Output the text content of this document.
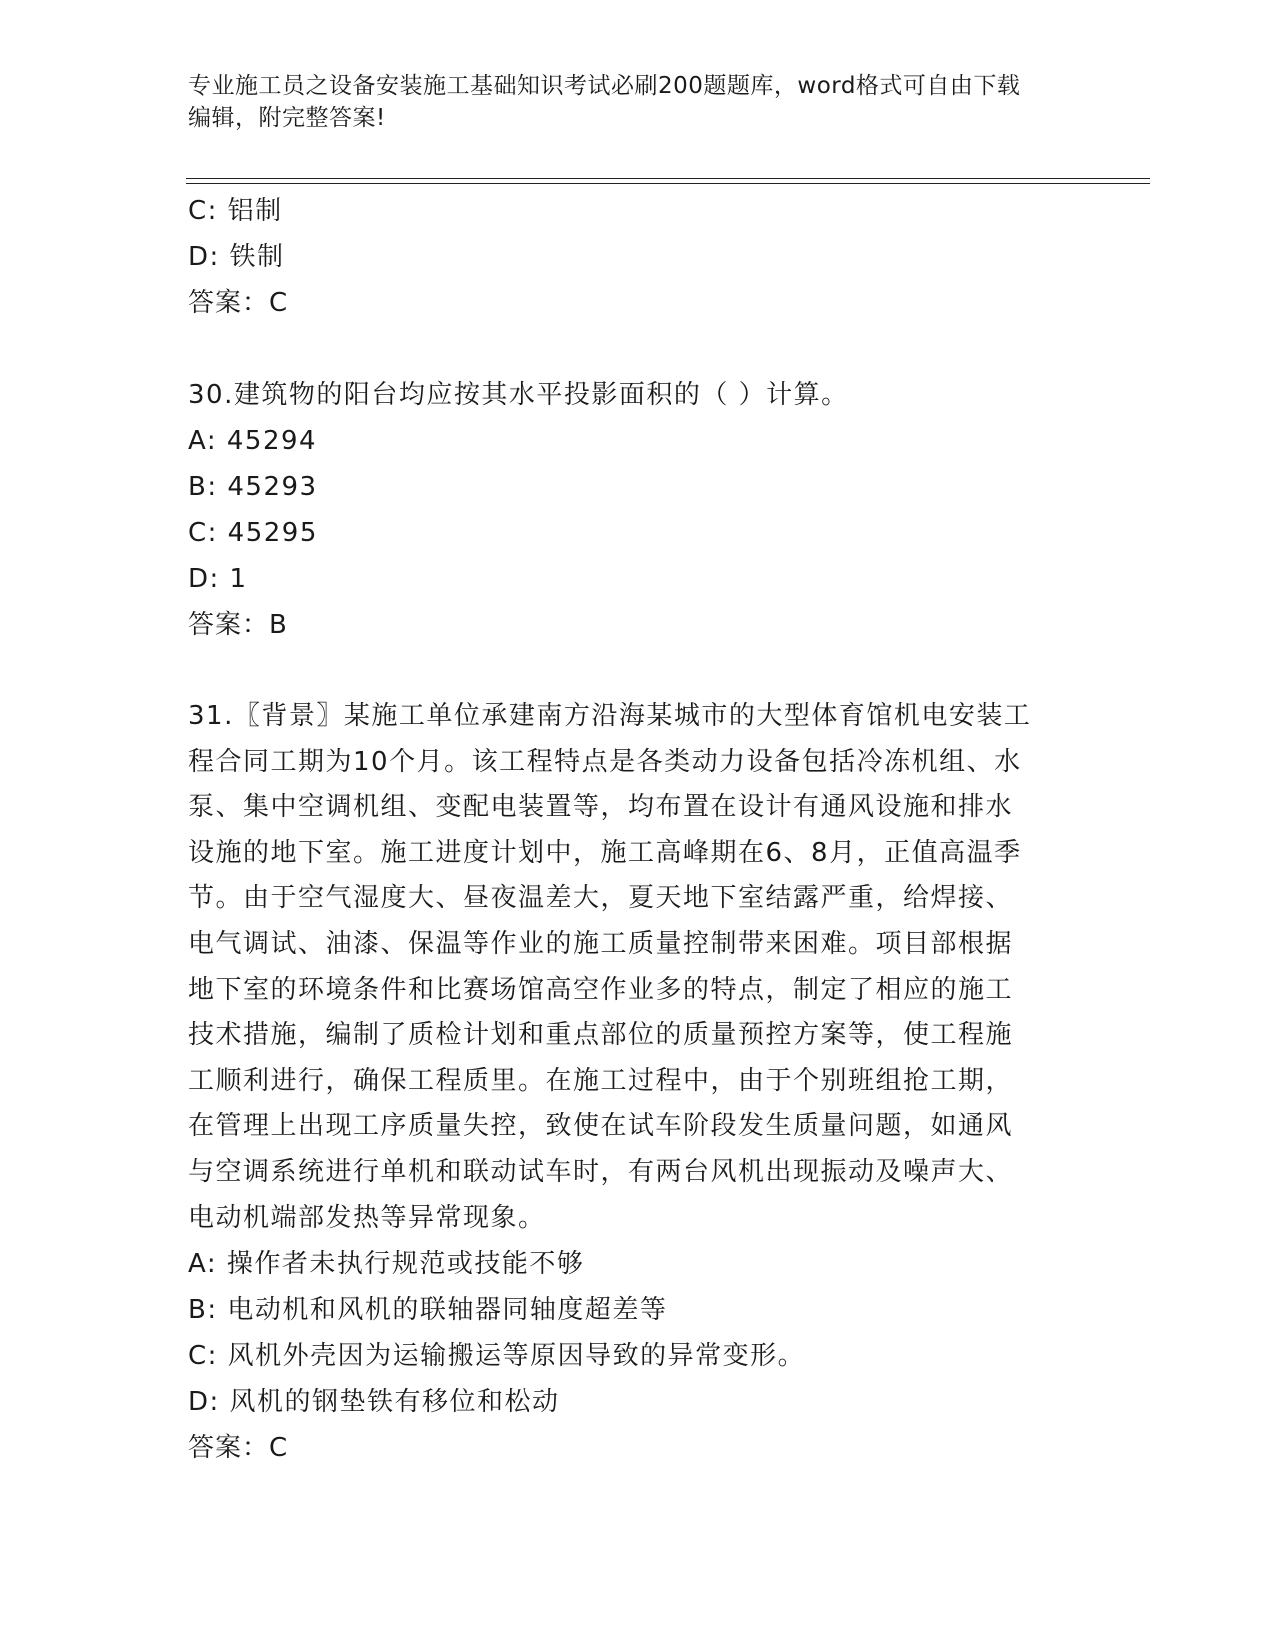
专业施工员之设备安装施工基础知识考试必刷200题题库，word格式可自由下载
编辑，附完整答案!
C: 铝制
D: 铁制
答案：C
30.建筑物的阳台均应按其水平投影面积的（ ）计算。
A: 45294
B: 45293
C: 45295
D: 1
答案：B
31.〖背景〗某施工单位承建南方沿海某城市的大型体育馆机电安装工
程合同工期为10个月。该工程特点是各类动力设备包括冷冻机组、水
泵、集中空调机组、变配电装置等，均布置在设计有通风设施和排水
设施的地下室。施工进度计划中，施工高峰期在6、8月，正值高温季
节。由于空气湿度大、昼夜温差大，夏天地下室结露严重，给焊接、
电气调试、油漆、保温等作业的施工质量控制带来困难。项目部根据
地下室的环境条件和比赛场馆高空作业多的特点，制定了相应的施工
技术措施，编制了质检计划和重点部位的质量预控方案等，使工程施
工顺利进行，确保工程质里。在施工过程中，由于个别班组抢工期，
在管理上出现工序质量失控，致使在试车阶段发生质量问题，如通风
与空调系统进行单机和联动试车时，有两台风机出现振动及噪声大、
电动机端部发热等异常现象。
A: 操作者未执行规范或技能不够
B: 电动机和风机的联轴器同轴度超差等
C: 风机外壳因为运输搬运等原因导致的异常变形。
D: 风机的钢垫铁有移位和松动
答案：C
